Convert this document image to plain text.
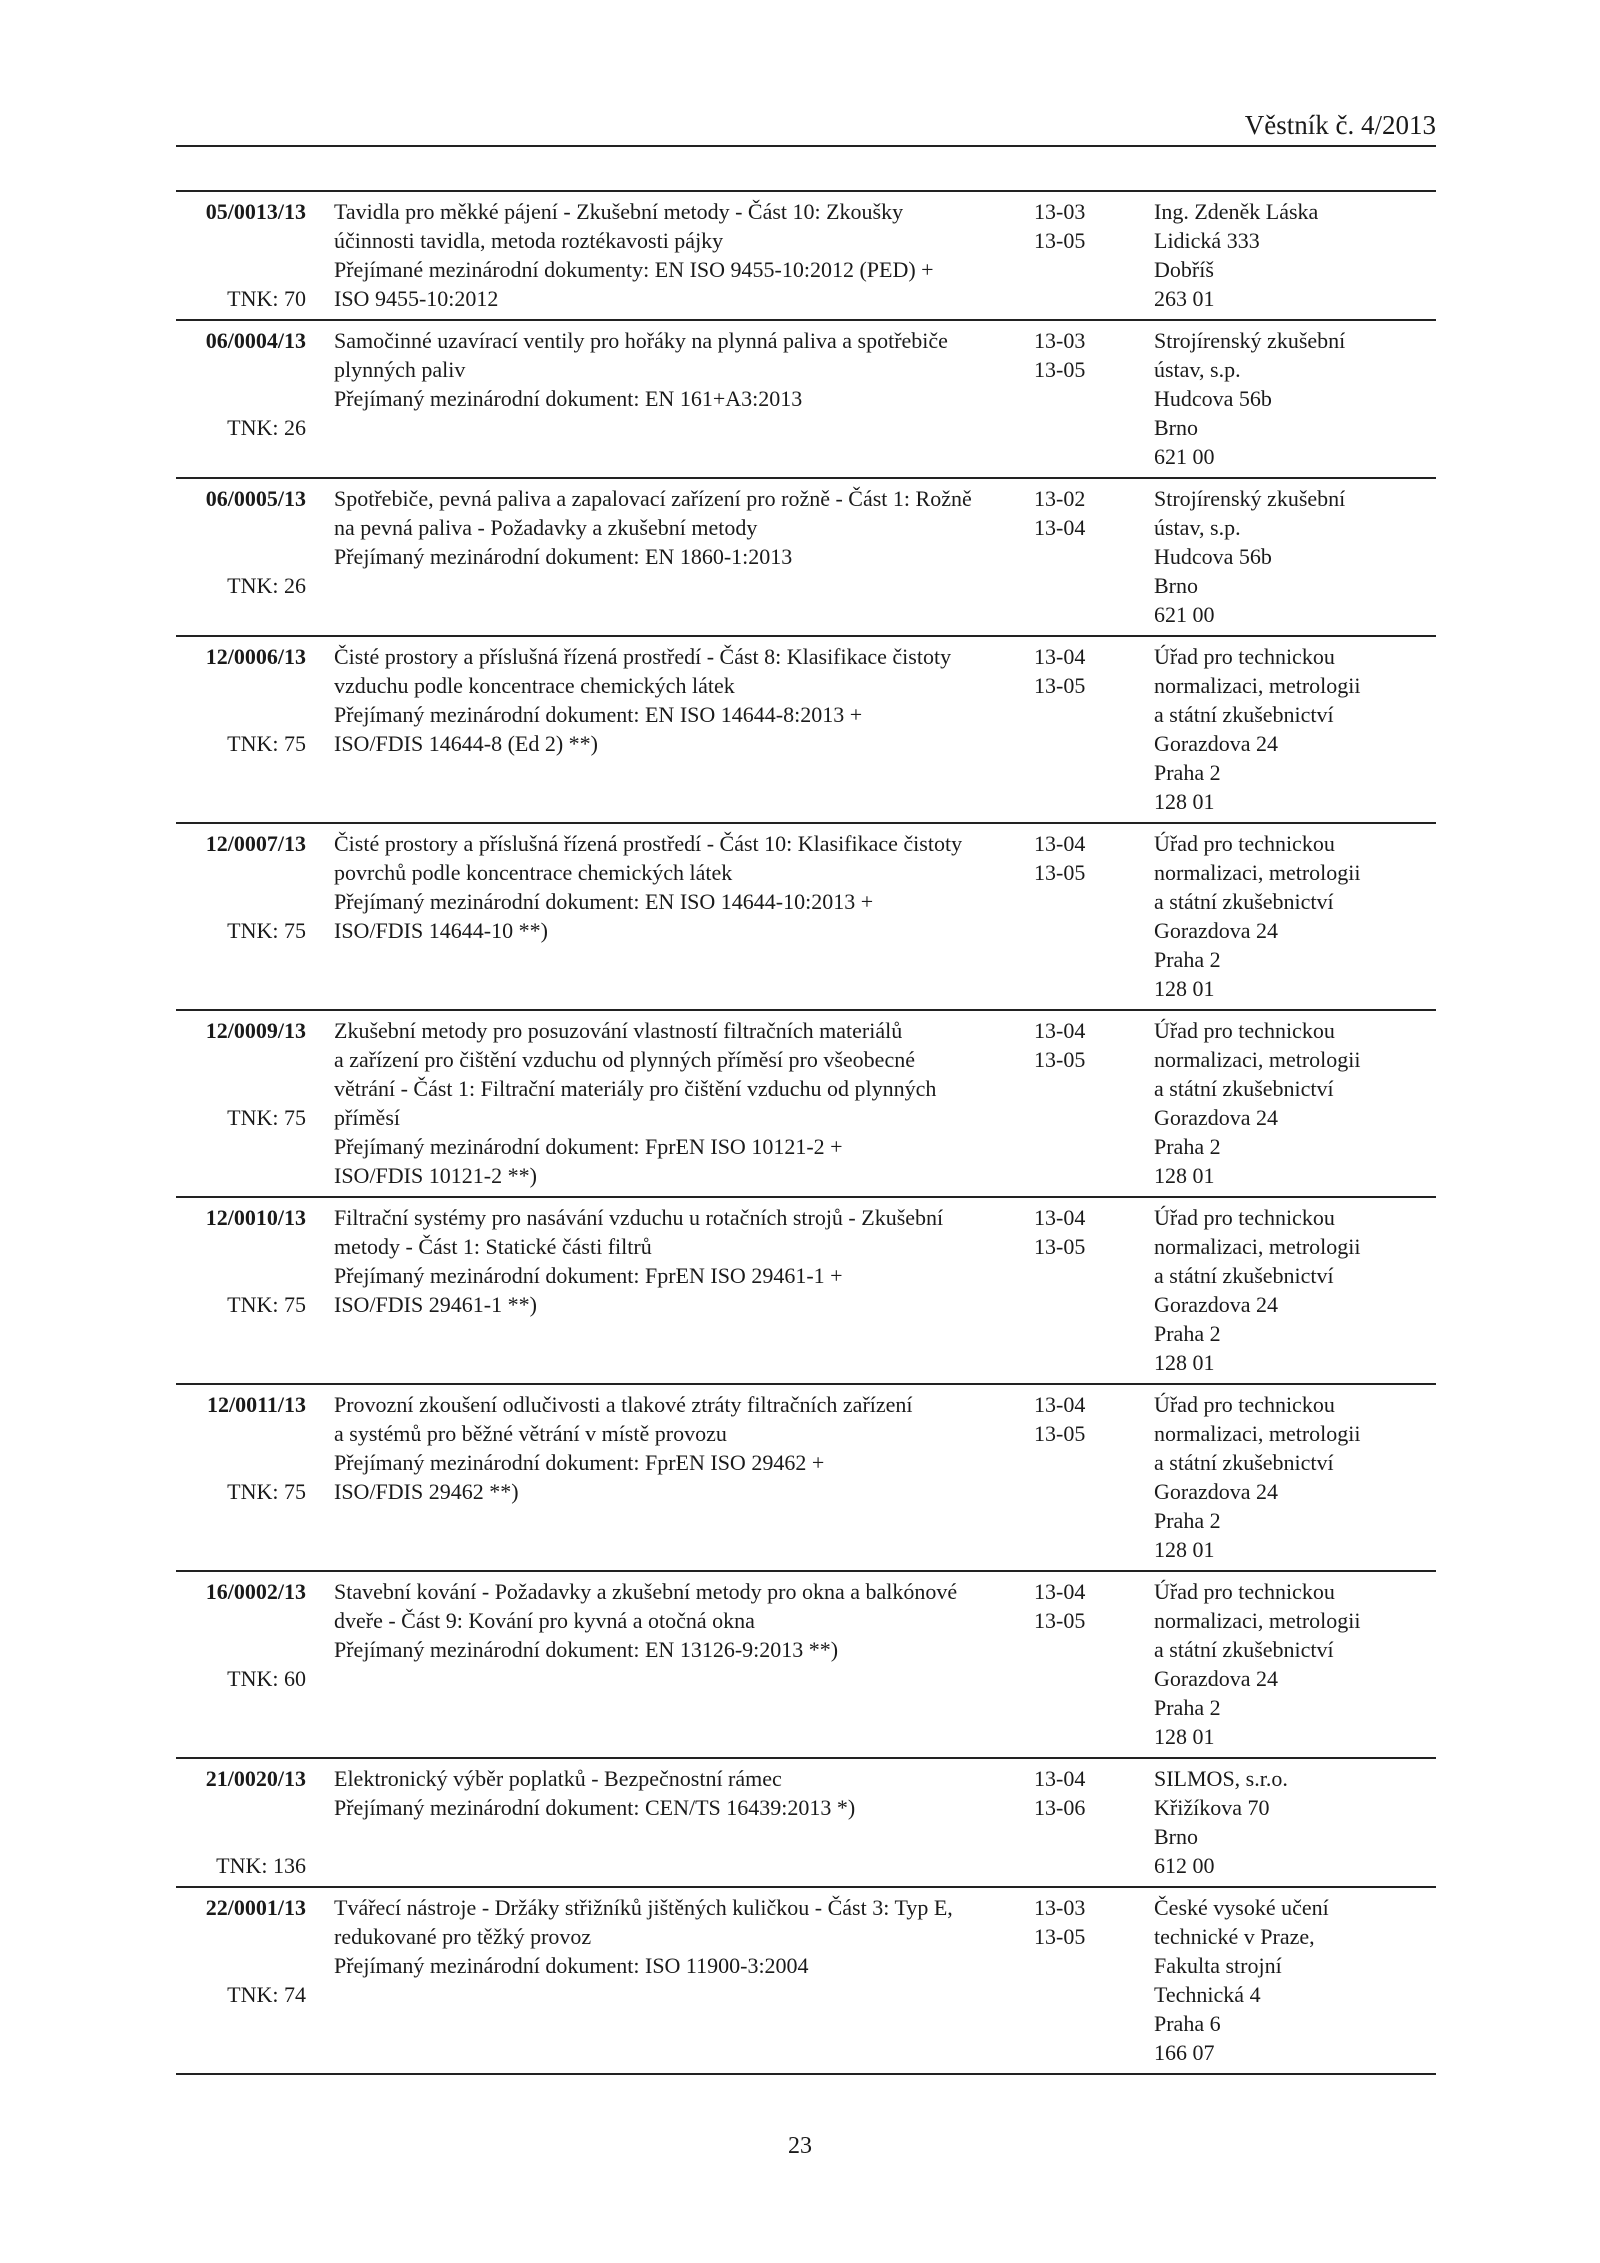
Věstník č. 4/2013
05/0013/13
TNK: 70
Tavidla pro měkké pájení - Zkušební metody - Část 10: Zkoušky
účinnosti tavidla, metoda roztékavosti pájky
Přejímané mezinárodní dokumenty: EN ISO 9455-10:2012 (PED) +
ISO 9455-10:2012
13-03
13-05
Ing. Zdeněk Láska
Lidická 333
Dobříš
263 01
06/0004/13
TNK: 26
Samočinné uzavírací ventily pro hořáky na plynná paliva a spotřebiče
plynných paliv
Přejímaný mezinárodní dokument: EN 161+A3:2013
13-03
13-05
Strojírenský zkušební
ústav, s.p.
Hudcova 56b
Brno
621 00
06/0005/13
TNK: 26
Spotřebiče, pevná paliva a zapalovací zařízení pro rožně - Část 1: Rožně
na pevná paliva - Požadavky a zkušební metody
Přejímaný mezinárodní dokument: EN 1860-1:2013
13-02
13-04
Strojírenský zkušební
ústav, s.p.
Hudcova 56b
Brno
621 00
12/0006/13
TNK: 75
Čisté prostory a příslušná řízená prostředí - Část 8: Klasifikace čistoty
vzduchu podle koncentrace chemických látek
Přejímaný mezinárodní dokument: EN ISO 14644-8:2013 +
ISO/FDIS 14644-8 (Ed 2) **)
13-04
13-05
Úřad pro technickou
normalizaci, metrologii
a státní zkušebnictví
Gorazdova 24
Praha 2
128 01
12/0007/13
TNK: 75
Čisté prostory a příslušná řízená prostředí - Část 10: Klasifikace čistoty
povrchů podle koncentrace chemických látek
Přejímaný mezinárodní dokument: EN ISO 14644-10:2013 +
ISO/FDIS 14644-10 **)
13-04
13-05
Úřad pro technickou
normalizaci, metrologii
a státní zkušebnictví
Gorazdova 24
Praha 2
128 01
12/0009/13
TNK: 75
Zkušební metody pro posuzování vlastností filtračních materiálů
a zařízení pro čištění vzduchu od plynných příměsí pro všeobecné
větrání - Část 1: Filtrační materiály pro čištění vzduchu od plynných
příměsí
Přejímaný mezinárodní dokument: FprEN ISO 10121-2 +
ISO/FDIS 10121-2 **)
13-04
13-05
Úřad pro technickou
normalizaci, metrologii
a státní zkušebnictví
Gorazdova 24
Praha 2
128 01
12/0010/13
TNK: 75
Filtrační systémy pro nasávání vzduchu u rotačních strojů - Zkušební
metody - Část 1: Statické části filtrů
Přejímaný mezinárodní dokument: FprEN ISO 29461-1 +
ISO/FDIS 29461-1 **)
13-04
13-05
Úřad pro technickou
normalizaci, metrologii
a státní zkušebnictví
Gorazdova 24
Praha 2
128 01
12/0011/13
TNK: 75
Provozní zkoušení odlučivosti a tlakové ztráty filtračních zařízení
a systémů pro běžné větrání v místě provozu
Přejímaný mezinárodní dokument: FprEN ISO 29462 +
ISO/FDIS 29462 **)
13-04
13-05
Úřad pro technickou
normalizaci, metrologii
a státní zkušebnictví
Gorazdova 24
Praha 2
128 01
16/0002/13
TNK: 60
Stavební kování - Požadavky a zkušební metody pro okna a balkónové
dveře - Část 9: Kování pro kyvná a otočná okna
Přejímaný mezinárodní dokument: EN 13126-9:2013 **)
13-04
13-05
Úřad pro technickou
normalizaci, metrologii
a státní zkušebnictví
Gorazdova 24
Praha 2
128 01
21/0020/13
TNK: 136
Elektronický výběr poplatků - Bezpečnostní rámec
Přejímaný mezinárodní dokument: CEN/TS 16439:2013 *)
13-04
13-06
SILMOS, s.r.o.
Křižíkova 70
Brno
612 00
22/0001/13
TNK: 74
Tvářecí nástroje - Držáky střižníků jištěných kuličkou - Část 3: Typ E,
redukované pro těžký provoz
Přejímaný mezinárodní dokument: ISO 11900-3:2004
13-03
13-05
České vysoké učení
technické v Praze,
Fakulta strojní
Technická 4
Praha 6
166 07
23
